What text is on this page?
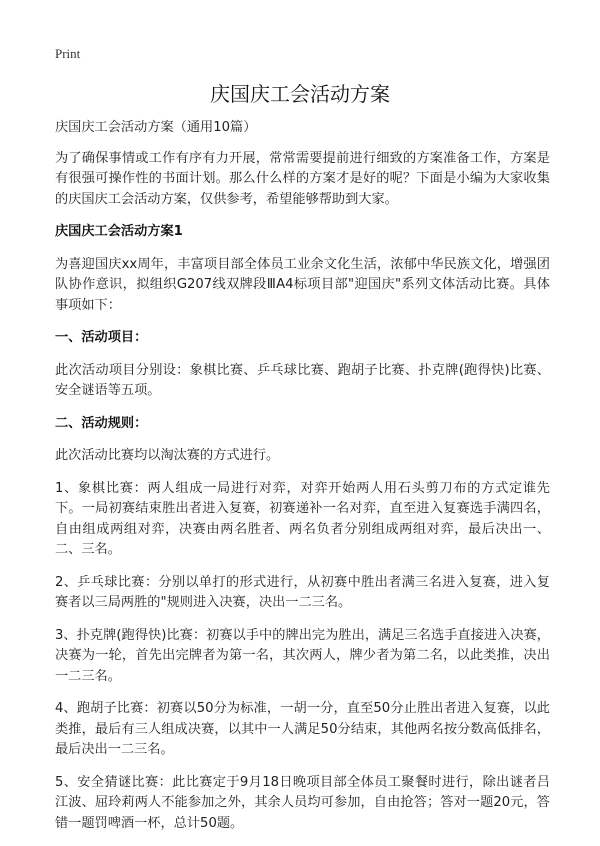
Print
庆国庆工会活动方案

庆国庆工会活动方案（通用10篇）

为了确保事情或工作有序有力开展，常常需要提前进行细致的方案准备工作，方案是有很强可操作性的书面计划。那么什么样的方案才是好的呢？下面是小编为大家收集的庆国庆工会活动方案，仅供参考，希望能够帮助到大家。

庆国庆工会活动方案1

为喜迎国庆xx周年，丰富项目部全体员工业余文化生活，浓郁中华民族文化，增强团队协作意识，拟组织G207线双牌段ⅢA4标项目部"迎国庆"系列文体活动比赛。具体事项如下：

一、活动项目：

此次活动项目分别设：象棋比赛、乒乓球比赛、跑胡子比赛、扑克牌(跑得快)比赛、安全谜语等五项。

二、活动规则：

此次活动比赛均以淘汰赛的方式进行。

1、象棋比赛：两人组成一局进行对弈，对弈开始两人用石头剪刀布的方式定谁先下。一局初赛结束胜出者进入复赛，初赛递补一名对弈，直至进入复赛选手满四名，自由组成两组对弈，决赛由两名胜者、两名负者分别组成两组对弈，最后决出一、二、三名。

2、乒乓球比赛：分别以单打的形式进行，从初赛中胜出者满三名进入复赛，进入复赛者以三局两胜的"规则进入决赛，决出一二三名。

3、扑克牌(跑得快)比赛：初赛以手中的牌出完为胜出，满足三名选手直接进入决赛，决赛为一轮，首先出完牌者为第一名，其次两人，牌少者为第二名，以此类推，决出一二三名。

4、跑胡子比赛：初赛以50分为标准，一胡一分，直至50分止胜出者进入复赛，以此类推，最后有三人组成决赛，以其中一人满足50分结束，其他两名按分数高低排名，最后决出一二三名。

5、安全猜谜比赛：此比赛定于9月18日晚项目部全体员工聚餐时进行，除出谜者吕江波、屈玲莉两人不能参加之外，其余人员均可参加，自由抢答；答对一题20元，答错一题罚啤酒一杯，总计50题。
